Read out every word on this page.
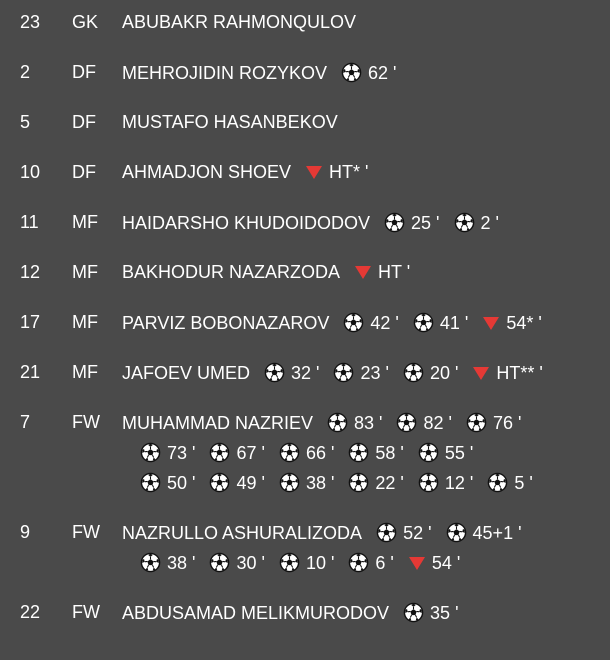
23 GK ABUBAKR RAHMONQULOV
2 DF MEHROJIDIN ROZYKOV 62 '
5 DF MUSTAFO HASANBEKOV
10 DF AHMADJON SHOEV HT* '
11 MF HAIDARSHO KHUDOIDODOV 25 ' 2 '
12 MF BAKHODUR NAZARZODA HT '
17 MF PARVIZ BOBONAZAROV 42 ' 41 ' 54* '
21 MF JAFOEV UMED 32 ' 23 ' 20 ' HT** '
7 FW MUHAMMAD NAZRIEV 83 ' 82 ' 76 '
73 ' 67 ' 66 ' 58 ' 55 '
50 ' 49 ' 38 ' 22 ' 12 ' 5 '
9 FW NAZRULLO ASHURALIZODA 52 ' 45+1 '
38 ' 30 ' 10 ' 6 ' 54 '
22 FW ABDUSAMAD MELIKMURODOV 35 '
